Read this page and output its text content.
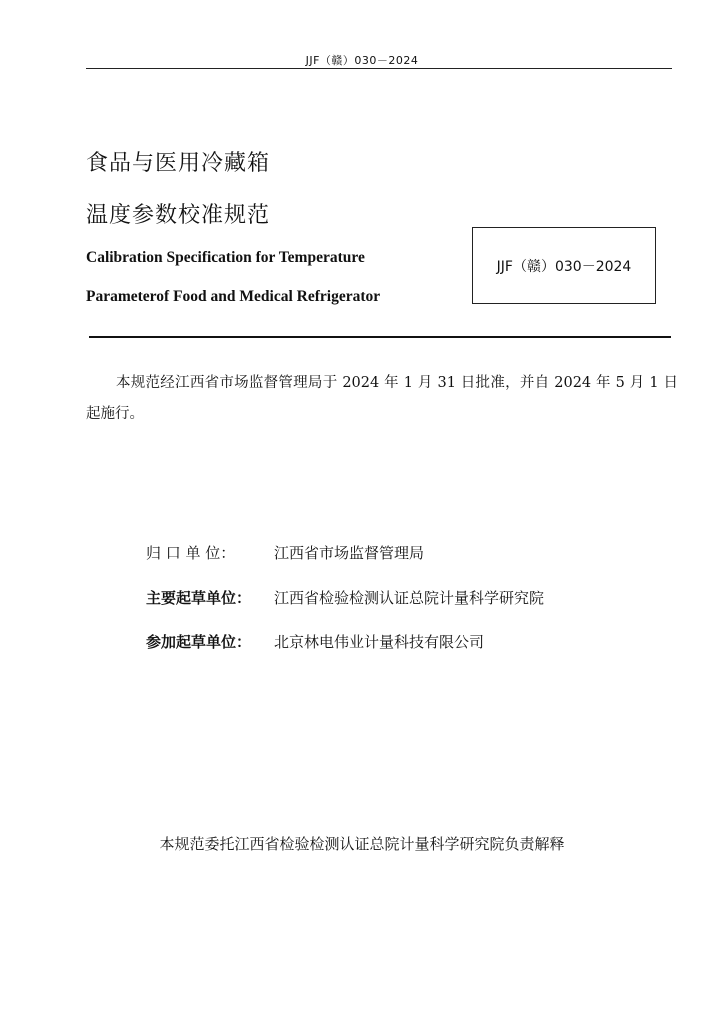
JJF（赣）030－2024
食品与医用冷藏箱
温度参数校准规范
Calibration Specification for Temperature
Parameterof Food and Medical Refrigerator
JJF（赣）030－2024
本规范经江西省市场监督管理局于 2024 年 1 月 31 日批准，并自 2024 年 5 月 1 日起施行。
归 口 单 位：	江西省市场监督管理局
主要起草单位：	江西省检验检测认证总院计量科学研究院
参加起草单位：	北京林电伟业计量科技有限公司
本规范委托江西省检验检测认证总院计量科学研究院负责解释
